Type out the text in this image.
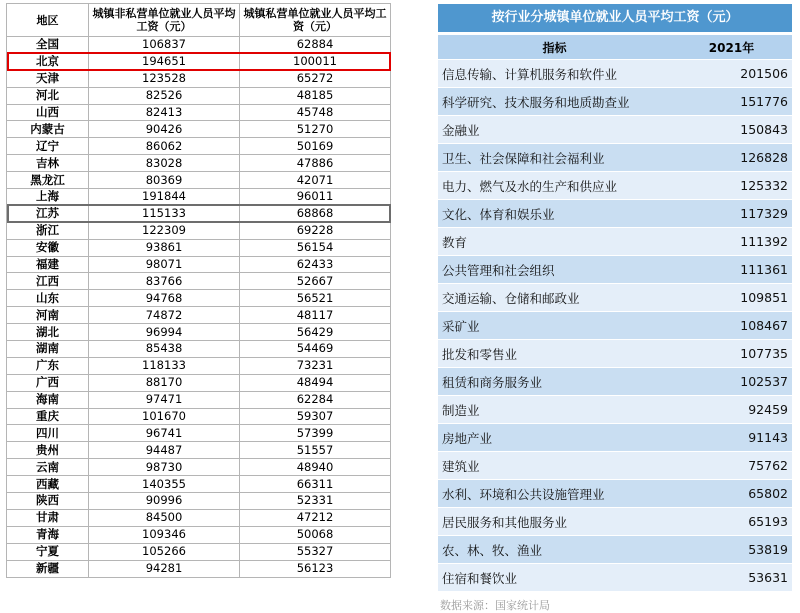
地区	城镇非私营单位就业人员平均工资（元）	城镇私营单位就业人员平均工资（元）
全国	106837	62884
北京	194651	100011
天津	123528	65272
河北	82526	48185
山西	82413	45748
内蒙古	90426	51270
辽宁	86062	50169
吉林	83028	47886
黑龙江	80369	42071
上海	191844	96011
江苏	115133	68868
浙江	122309	69228
安徽	93861	56154
福建	98071	62433
江西	83766	52667
山东	94768	56521
河南	74872	48117
湖北	96994	56429
湖南	85438	54469
广东	118133	73231
广西	88170	48494
海南	97471	62284
重庆	101670	59307
四川	96741	57399
贵州	94487	51557
云南	98730	48940
西藏	140355	66311
陕西	90996	52331
甘肃	84500	47212
青海	109346	50068
宁夏	105266	55327
新疆	94281	56123
按行业分城镇单位就业人员平均工资（元）
指标	2021年
信息传输、计算机服务和软件业	201506
科学研究、技术服务和地质勘查业	151776
金融业	150843
卫生、社会保障和社会福利业	126828
电力、燃气及水的生产和供应业	125332
文化、体育和娱乐业	117329
教育	111392
公共管理和社会组织	111361
交通运输、仓储和邮政业	109851
采矿业	108467
批发和零售业	107735
租赁和商务服务业	102537
制造业	92459
房地产业	91143
建筑业	75762
水利、环境和公共设施管理业	65802
居民服务和其他服务业	65193
农、林、牧、渔业	53819
住宿和餐饮业	53631
数据来源：国家统计局
